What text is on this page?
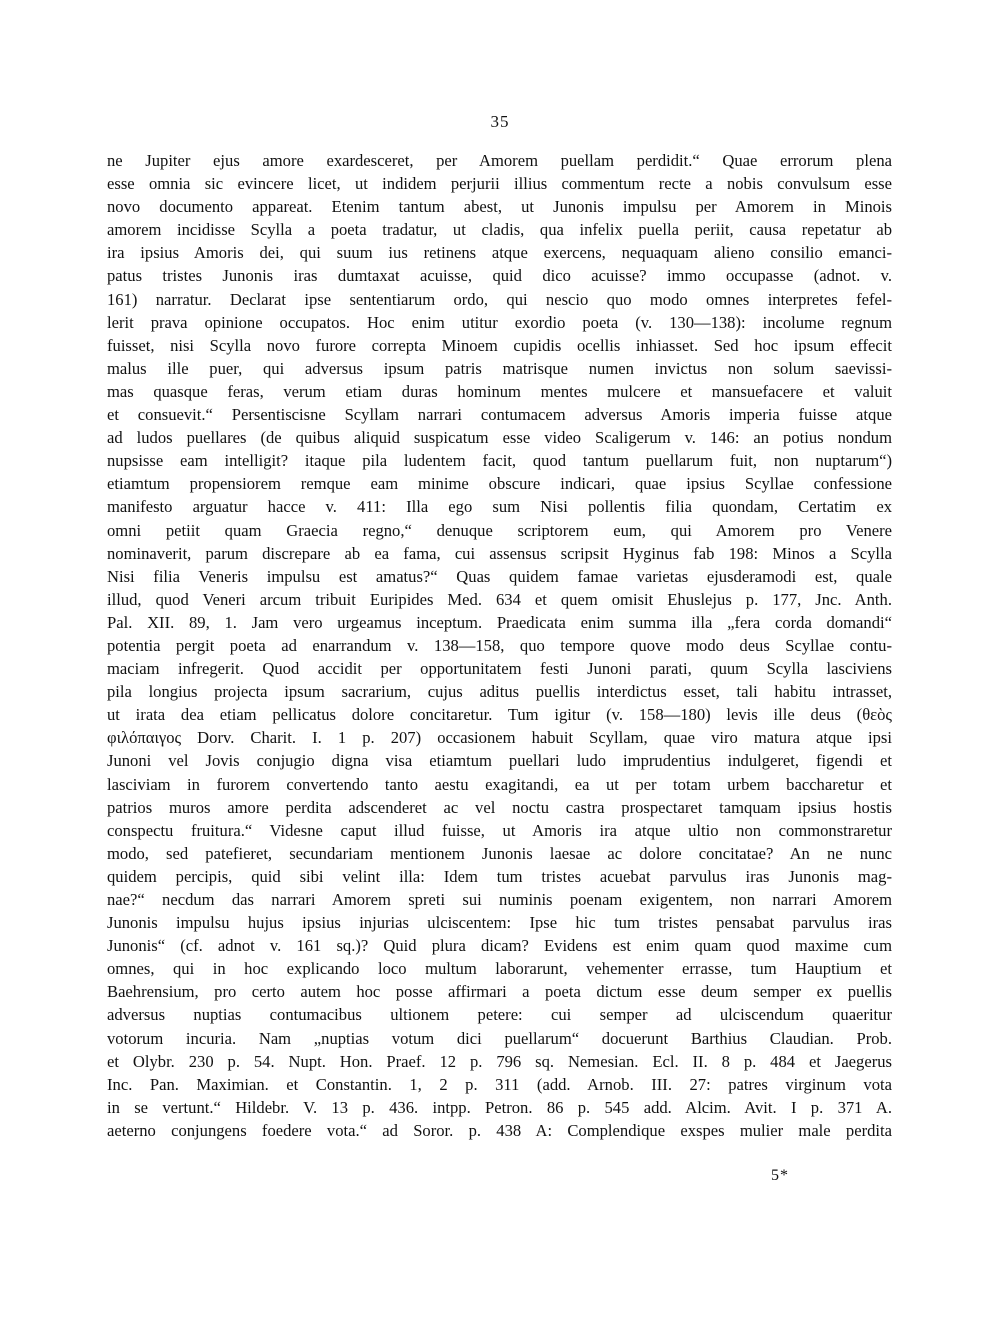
35
ne Jupiter ejus amore exardesceret, per Amorem puellam perdidit.“ Quae errorum plena
esse omnia sic evincere licet, ut indidem perjurii illius commentum recte a nobis convulsum esse
novo documento appareat. Etenim tantum abest, ut Junonis impulsu per Amorem in Minois
amorem incidisse Scylla a poeta tradatur, ut cladis, qua infelix puella periit, causa repetatur ab
ira ipsius Amoris dei, qui suum ius retinens atque exercens, nequaquam alieno consilio emanci-
patus tristes Junonis iras dumtaxat acuisse, quid dico acuisse? immo occupasse (adnot. v.
161) narratur. Declarat ipse sententiarum ordo, qui nescio quo modo omnes interpretes fefel-
lerit prava opinione occupatos. Hoc enim utitur exordio poeta (v. 130—138): incolume regnum
fuisset, nisi Scylla novo furore correpta Minoem cupidis ocellis inhiasset. Sed hoc ipsum effecit
malus ille puer, qui adversus ipsum patris matrisque numen invictus non solum saevissi-
mas quasque feras, verum etiam duras hominum mentes mulcere et mansuefacere et valuit
et consuevit.“ Persentiscisne Scyllam narrari contumacem adversus Amoris imperia fuisse atque
ad ludos puellares (de quibus aliquid suspicatum esse video Scaligerum v. 146: an potius nondum
nupsisse eam intelligit? itaque pila ludentem facit, quod tantum puellarum fuit, non nuptarum“)
etiamtum propensiorem remque eam minime obscure indicari, quae ipsius Scyllae confessione
manifesto arguatur hacce v. 411: Illa ego sum Nisi pollentis filia quondam, Certatim ex
omni petiit quam Graecia regno,“ denuque scriptorem eum, qui Amorem pro Venere
nominaverit, parum discrepare ab ea fama, cui assensus scripsit Hyginus fab 198: Minos a Scylla
Nisi filia Veneris impulsu est amatus?“ Quas quidem famae varietas ejusderamodi est, quale
illud, quod Veneri arcum tribuit Euripides Med. 634 et quem omisit Ehuslejus p. 177, Jnc. Anth.
Pal. XII. 89, 1. Jam vero urgeamus inceptum. Praedicata enim summa illa „fera corda domandi“
potentia pergit poeta ad enarrandum v. 138—158, quo tempore quove modo deus Scyllae contu-
maciam infregerit. Quod accidit per opportunitatem festi Junoni parati, quum Scylla lasciviens
pila longius projecta ipsum sacrarium, cujus aditus puellis interdictus esset, tali habitu intrasset,
ut irata dea etiam pellicatus dolore concitaretur. Tum igitur (v. 158—180) levis ille deus (θεὸς
φιλόπαιγος Dorv. Charit. I. 1 p. 207) occasionem habuit Scyllam, quae viro matura atque ipsi
Junoni vel Jovis conjugio digna visa etiamtum puellari ludo imprudentius indulgeret, figendi et
lasciviam in furorem convertendo tanto aestu exagitandi, ea ut per totam urbem baccharetur et
patrios muros amore perdita adscenderet ac vel noctu castra prospectaret tamquam ipsius hostis
conspectu fruitura.“ Videsne caput illud fuisse, ut Amoris ira atque ultio non commonstraretur
modo, sed patefieret, secundariam mentionem Junonis laesae ac dolore concitatae? An ne nunc
quidem percipis, quid sibi velint illa: Idem tum tristes acuebat parvulus iras Junonis mag-
nae?“ necdum das narrari Amorem spreti sui numinis poenam exigentem, non narrari Amorem
Junonis impulsu hujus ipsius injurias ulciscentem: Ipse hic tum tristes pensabat parvulus iras
Junonis“ (cf. adnot v. 161 sq.)? Quid plura dicam? Evidens est enim quam quod maxime cum
omnes, qui in hoc explicando loco multum laborarunt, vehementer errasse, tum Hauptium et
Baehrensium, pro certo autem hoc posse affirmari a poeta dictum esse deum semper ex puellis
adversus nuptias contumacibus ultionem petere: cui semper ad ulciscendum quaeritur
votorum incuria. Nam „nuptias votum dici puellarum“ docuerunt Barthius Claudian. Prob.
et Olybr. 230 p. 54. Nupt. Hon. Praef. 12 p. 796 sq. Nemesian. Ecl. II. 8 p. 484 et Jaegerus
Inc. Pan. Maximian. et Constantin. 1, 2 p. 311 (add. Arnob. III. 27: patres virginum vota
in se vertunt.“ Hildebr. V. 13 p. 436. intpp. Petron. 86 p. 545 add. Alcim. Avit. I p. 371 A.
aeterno conjungens foedere vota.“ ad Soror. p. 438 A: Complendique exspes mulier male perdita
5*
